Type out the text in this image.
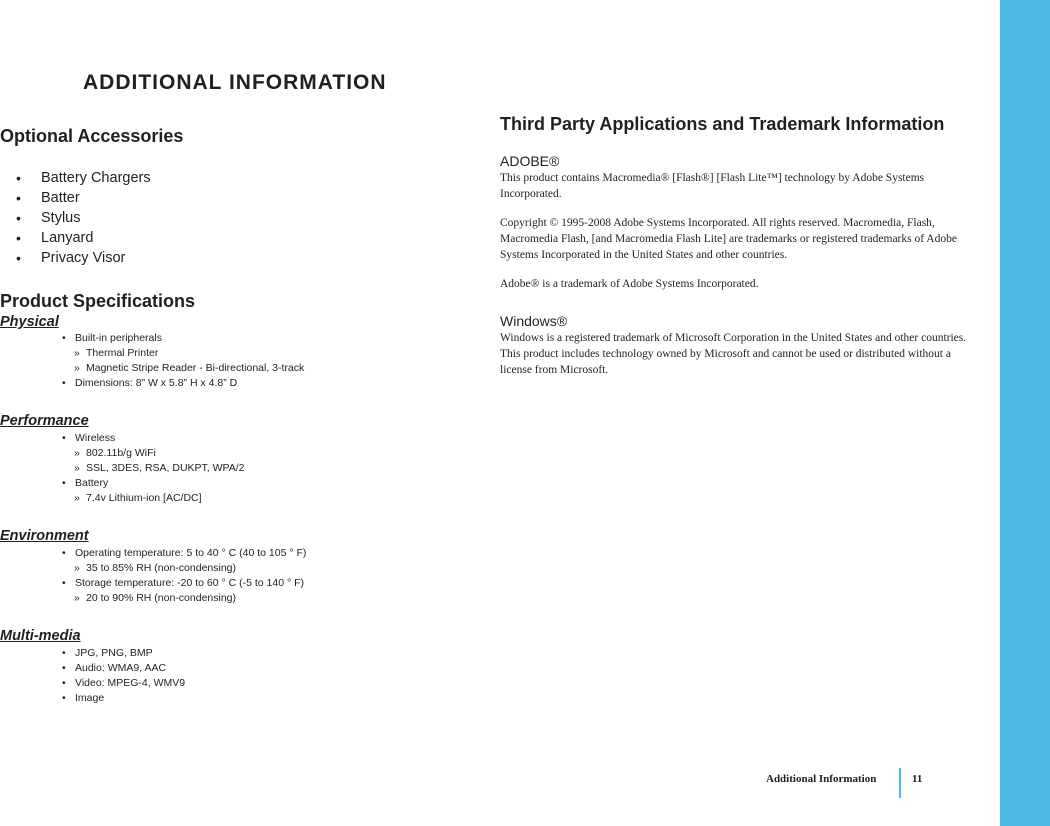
ADDITIONAL INFORMATION
Optional Accessories
• Battery Chargers
• Batter
• Stylus
• Lanyard
• Privacy Visor
Product Specifications
Physical
• Built-in peripherals
» Thermal Printer
» Magnetic Stripe Reader - Bi-directional, 3-track
• Dimensions: 8” W x 5.8” H x 4.8” D
Performance
• Wireless
» 802.11b/g WiFi
» SSL, 3DES, RSA, DUKPT, WPA/2
• Battery
» 7.4v Lithium-ion [AC/DC]
Environment
• Operating temperature: 5 to 40 ° C (40 to 105 ° F)
» 35 to 85% RH (non-condensing)
• Storage temperature: -20 to 60 ° C (-5 to 140 ° F)
» 20 to 90% RH (non-condensing)
Multi-media
• JPG, PNG, BMP
• Audio: WMA9, AAC
• Video: MPEG-4, WMV9
• Image
Third Party Applications and Trademark Information

ADOBE®

This product contains Macromedia® [Flash®] [Flash Lite™] technology by Adobe Systems Incorporated.

Copyright © 1995-2008 Adobe Systems Incorporated. All rights reserved. Macromedia, Flash, Macromedia Flash, [and Macromedia Flash Lite] are trademarks or registered trademarks of Adobe Systems Incorporated in the United States and other countries.

Adobe® is a trademark of Adobe Systems Incorporated.

Windows®

Windows is a registered trademark of Microsoft Corporation in the United States and other countries. This product includes technology owned by Microsoft and cannot be used or distributed without a license from Microsoft.

Additional Information	11
